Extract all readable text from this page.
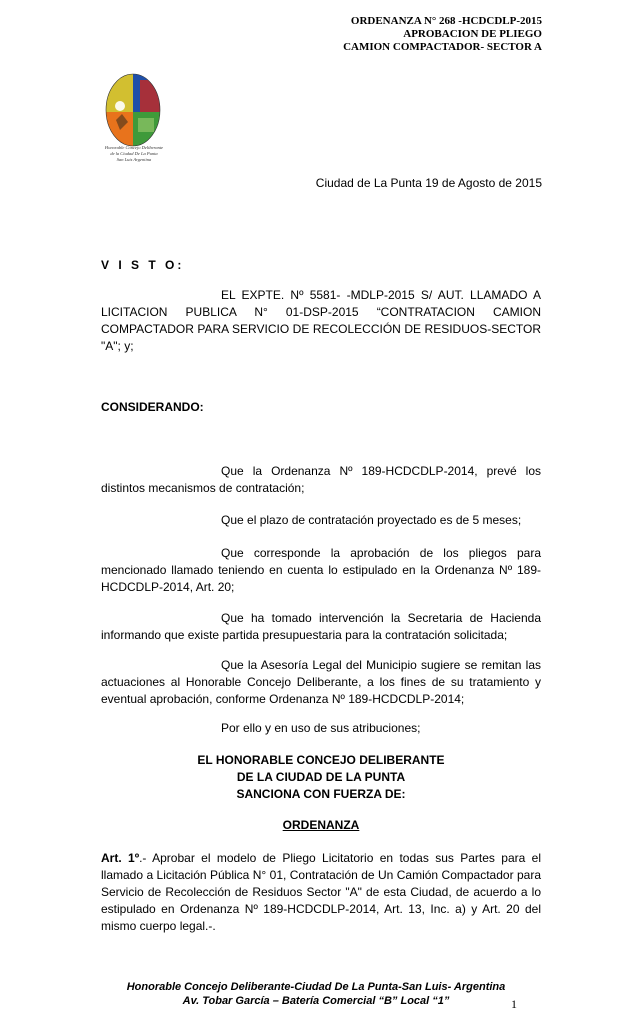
ORDENANZA N° 268 -HCDCDLP-2015
APROBACION DE PLIEGO
CAMION COMPACTADOR- SECTOR A
Honorable Concejo Deliberante
de la Ciudad De La Punta
San Luis Argentina
Ciudad de La Punta 19 de Agosto de 2015
V I S T O:
EL EXPTE. Nº 5581- -MDLP-2015 S/ AUT. LLAMADO A LICITACION PUBLICA N° 01-DSP-2015 “CONTRATACION CAMION COMPACTADOR PARA SERVICIO DE RECOLECCIÓN DE RESIDUOS-SECTOR "A"; y;
CONSIDERANDO:
Que la Ordenanza Nº 189-HCDCDLP-2014, prevé los distintos mecanismos de contratación;
Que el plazo de contratación proyectado es de 5 meses;
Que corresponde la aprobación de los pliegos para mencionado llamado teniendo en cuenta lo estipulado en la Ordenanza Nº 189-HCDCDLP-2014, Art. 20;
Que ha tomado intervención la Secretaria de Hacienda informando que existe partida presupuestaria para la contratación solicitada;
Que la Asesoría Legal del Municipio sugiere se remitan las actuaciones al Honorable Concejo Deliberante, a los fines de su tratamiento y eventual aprobación, conforme Ordenanza Nº 189-HCDCDLP-2014;
Por ello y en uso de sus atribuciones;
EL HONORABLE CONCEJO DELIBERANTE
DE LA CIUDAD DE LA PUNTA
SANCIONA CON FUERZA DE:
ORDENANZA
Art. 1º.- Aprobar el modelo de Pliego Licitatorio en todas sus Partes para el llamado a Licitación Pública N° 01, Contratación de Un Camión Compactador para Servicio de Recolección de Residuos Sector "A" de esta Ciudad, de acuerdo a lo estipulado en Ordenanza Nº 189-HCDCDLP-2014, Art. 13, Inc. a) y Art. 20 del mismo cuerpo legal.-.
Honorable Concejo Deliberante-Ciudad De La Punta-San Luis- Argentina
Av. Tobar García – Batería Comercial “B” Local “1”	1
